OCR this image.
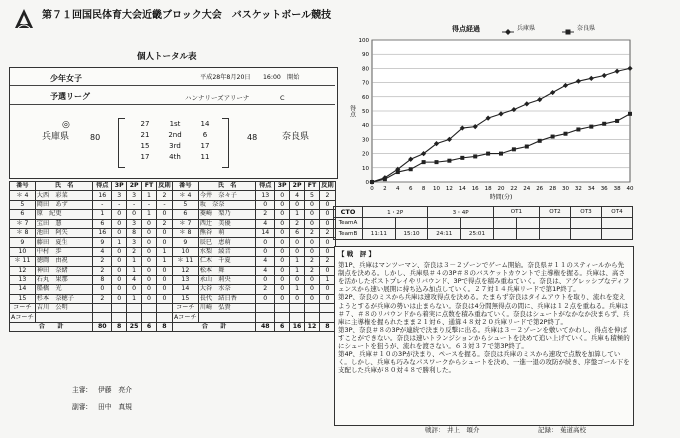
第７１回国民体育大会近畿ブロック大会　バスケットボール競技
個人トータル表
少年女子	平成28年8月20日　　16:00　開始
予選リーグ	ハンナリーズアリーナ	C
◎
兵庫県	80
27	1st	14
21	2nd	6
15	3rd	17
17	4th	11
48	奈良県
番号	氏　名	得点	3P	2P	FT	反則	番号	氏　名	得点	3P	2P	FT	反則
＊ 4	大西　彩菜	16	3	3	1	2	＊ 4	今井　奈々子	13	0	4	5	2
5	岡田　あず	-	-	-	-	-	5	坂　奈奈	0	0	0	0	0
6	原　紀更	1	0	0	1	0	6	菱崎　梨乃	2	0	1	0	0
＊ 7	宝田　慧	6	0	3	0	2	＊ 7	西辻　美優	4	0	2	0	0
＊ 8	池田　阿矢	16	0	8	0	0	＊ 8	熊谷　萌	14	0	6	2	2
9	藤田　夏生	9	1	3	0	0	9	辰巳　恵萌	0	0	0	0	0
10	中村　歩	4	0	2	0	1	10	水梨　綾音	0	0	0	0	0
＊ 11	徳岡　由祝	2	0	1	0	1	＊ 11	仁木　千夏	4	0	1	2	2
12	神田　奈緒	2	0	1	0	0	12	松本　舞	4	0	1	2	0
13	石丸　果那	8	0	4	0	0	13	永山　莉央	0	0	0	0	1
14	船橋　光	0	0	0	0	0	14	大谷　水奈	2	0	1	0	0
15	杉本　奈穂子	2	0	1	0	0	15	長代　結日香	0	0	0	0	0
コーチ	吉川　公明						コーチ	川崎　弘貴					
Aコーチ							Aコーチ						
合　　計		80	8	25	6	8	合　　計		48	6	16	12	8
主審: 伊藤　亮介
副審: 田中　真規
得点経過	兵庫県	奈良県
0
10
20
30
40
50
60
70
80
90
100
0 2 4 6 8 10 12 14 16 18 20 22 24 26 28 30 32 34 36 38 40
時間(分)
得点
CTO	1・2P		3・4P		OT1		OT2	OT3	OT4
TeamA									
TeamB	11:11	15:10	24:11	25:01					

【 戦　評 】

第1P、兵庫はマンツーマン、奈良は３－２ゾーンでゲーム開始。奈良県＃１１のスティールから先制点を決める。しかし、兵庫県＃４の3P＃８のバスケットカウントで主導権を握る。兵庫は、高さを活かしたポストプレイやリバウンド、3Pで得点を積み重ねていく。奈良は、アグレッシブなディフェンスから速い展開に持ち込み加点していく。２７対１４兵庫リードで第1P終了。

第2P、奈良のミスから兵庫は速攻得点を決める。たまらず奈良はタイムアウトを取り、流れを変えようとするが兵庫の勢いは止まらない。奈良は4分間無得点の間に、兵庫は１２点を重ねる。兵庫は＃７、＃８のリバウンドから着実に点数を積み重ねていく。奈良はシュートがなかなか決まらず、兵庫に主導権を握られたまま２１対６、通算４８対２０兵庫リードで第2P終了。

第3P、奈良＃８の3Pが連続で決まり反撃に出る。兵庫は３－２ゾーンを敷いてかわし、得点を伸ばすことができない。奈良は速いトランジションからシュートを決めて追い上げていく。兵庫も積極的にシュートを狙うが、流れを渡さない。６３対３７で第3P終了。

第4P、兵庫＃１０の3Pが決まり、ペースを握る。奈良は兵庫のミスから速攻で点数を加算していく。しかし、兵庫も巧みなパスワークからシュートを決め、一進一退の攻防が続き、序盤ゴール下を支配した兵庫が８０対４８で勝利した。

戦評： 井上　頌介	記録： 菟道高校
